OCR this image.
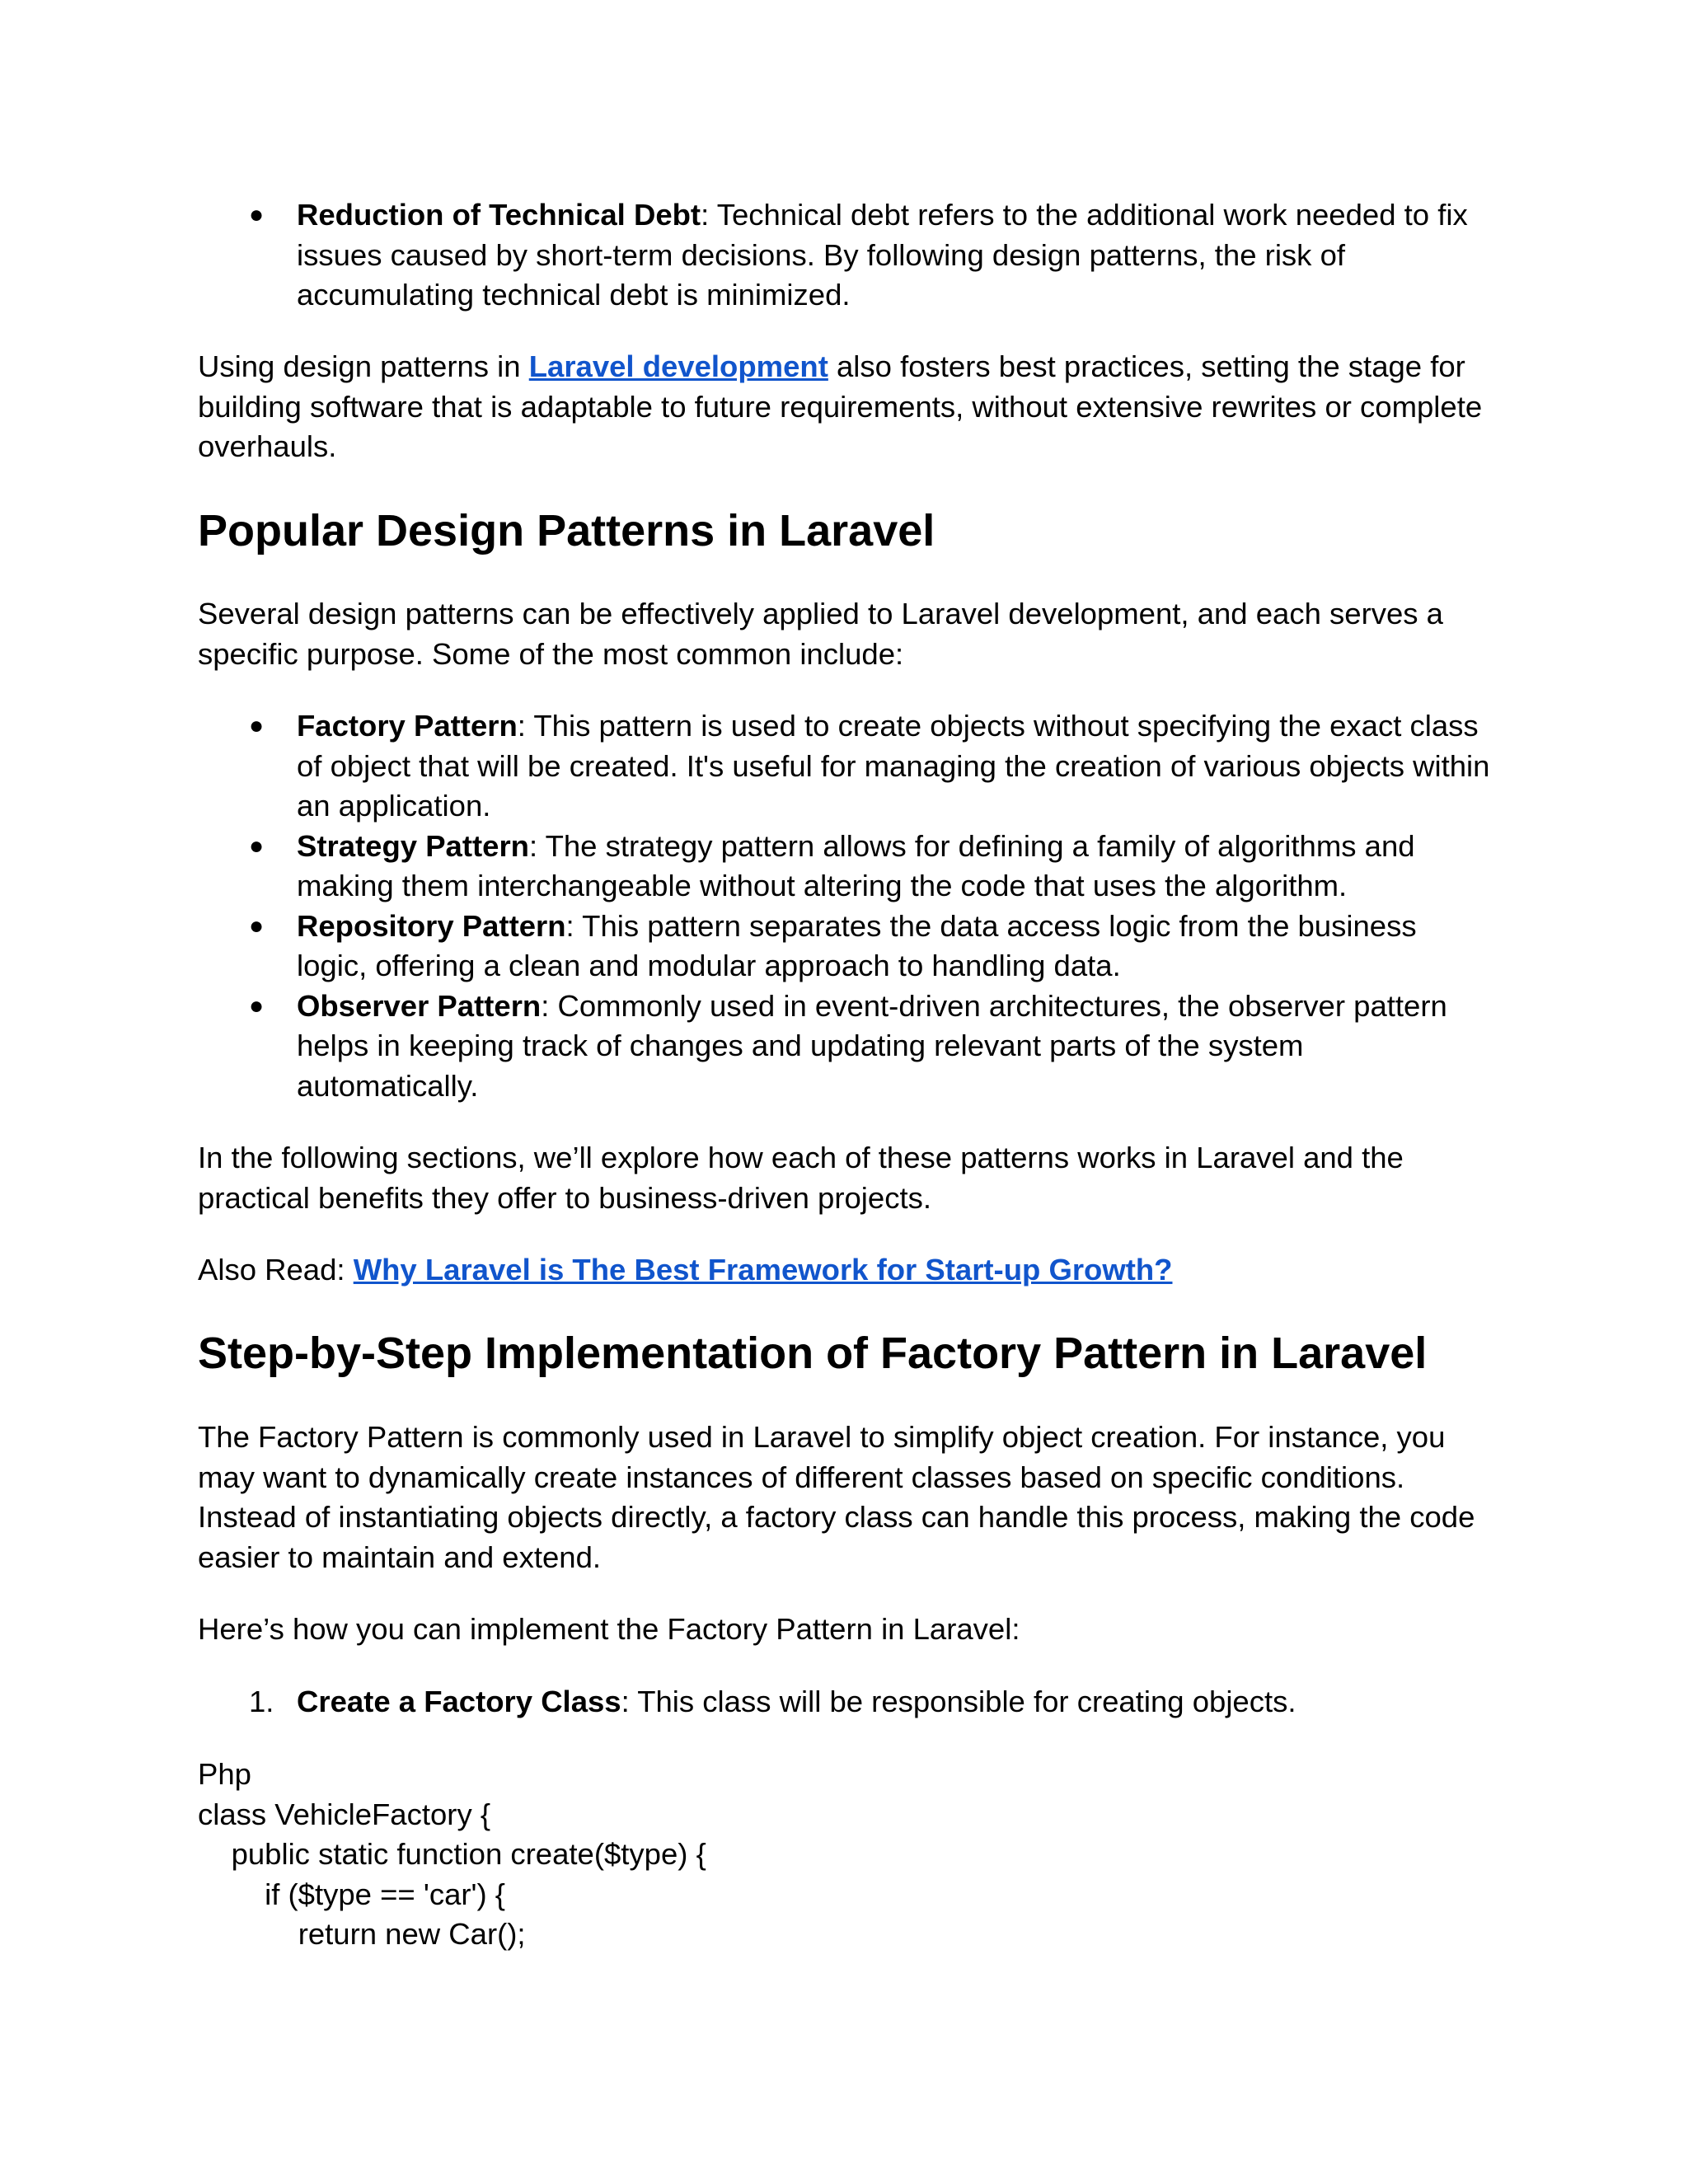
● Reduction of Technical Debt: Technical debt refers to the additional work needed to fix issues caused by short-term decisions. By following design patterns, the risk of accumulating technical debt is minimized.

Using design patterns in Laravel development also fosters best practices, setting the stage for building software that is adaptable to future requirements, without extensive rewrites or complete overhauls.

Popular Design Patterns in Laravel

Several design patterns can be effectively applied to Laravel development, and each serves a specific purpose. Some of the most common include:

● Factory Pattern: This pattern is used to create objects without specifying the exact class of object that will be created. It's useful for managing the creation of various objects within an application.
● Strategy Pattern: The strategy pattern allows for defining a family of algorithms and making them interchangeable without altering the code that uses the algorithm.
● Repository Pattern: This pattern separates the data access logic from the business logic, offering a clean and modular approach to handling data.
● Observer Pattern: Commonly used in event-driven architectures, the observer pattern helps in keeping track of changes and updating relevant parts of the system automatically.

In the following sections, we’ll explore how each of these patterns works in Laravel and the practical benefits they offer to business-driven projects.

Also Read: Why Laravel is The Best Framework for Start-up Growth?

Step-by-Step Implementation of Factory Pattern in Laravel

The Factory Pattern is commonly used in Laravel to simplify object creation. For instance, you may want to dynamically create instances of different classes based on specific conditions. Instead of instantiating objects directly, a factory class can handle this process, making the code easier to maintain and extend.

Here’s how you can implement the Factory Pattern in Laravel:

1. Create a Factory Class: This class will be responsible for creating objects.
Php
class VehicleFactory {
public static function create($type) {
if ($type == 'car') {
return new Car();
